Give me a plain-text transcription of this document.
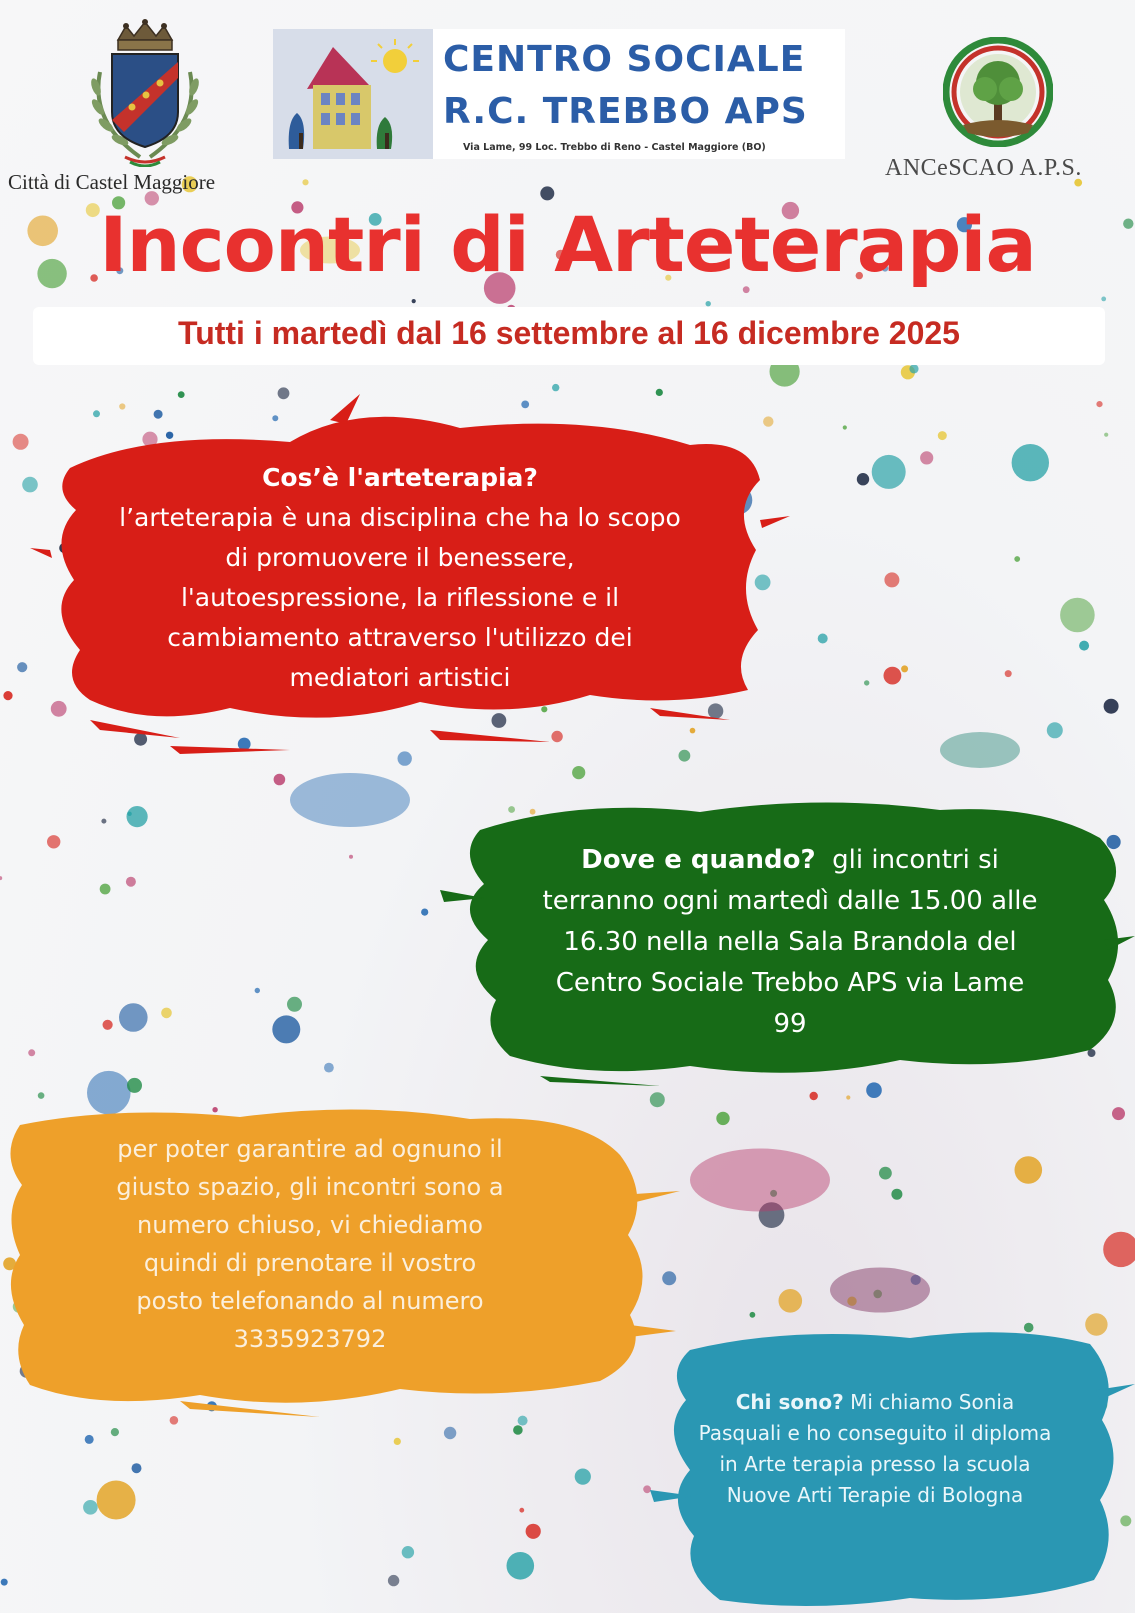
Città di Castel Maggiore
CENTRO SOCIALE
R.C. TREBBO APS
Via Lame, 99 Loc. Trebbo di Reno - Castel Maggiore (BO)
ANCeSCAO A.P.S.
Incontri di Arteterapia
Tutti i martedì dal 16 settembre al 16 dicembre 2025
Cos’è l'arteterapia?
l’arteterapia è una disciplina che ha lo scopo
di promuovere il benessere,
l'autoespressione, la riflessione e il
cambiamento attraverso l'utilizzo dei
mediatori artistici
Dove e quando? gli incontri si
terranno ogni martedì dalle 15.00 alle
16.30 nella nella Sala Brandola del
Centro Sociale Trebbo APS via Lame
99
per poter garantire ad ognuno il
giusto spazio, gli incontri sono a
numero chiuso, vi chiediamo
quindi di prenotare il vostro
posto telefonando al numero
3335923792
Chi sono? Mi chiamo Sonia
Pasquali e ho conseguito il diploma
in Arte terapia presso la scuola
Nuove Arti Terapie di Bologna
